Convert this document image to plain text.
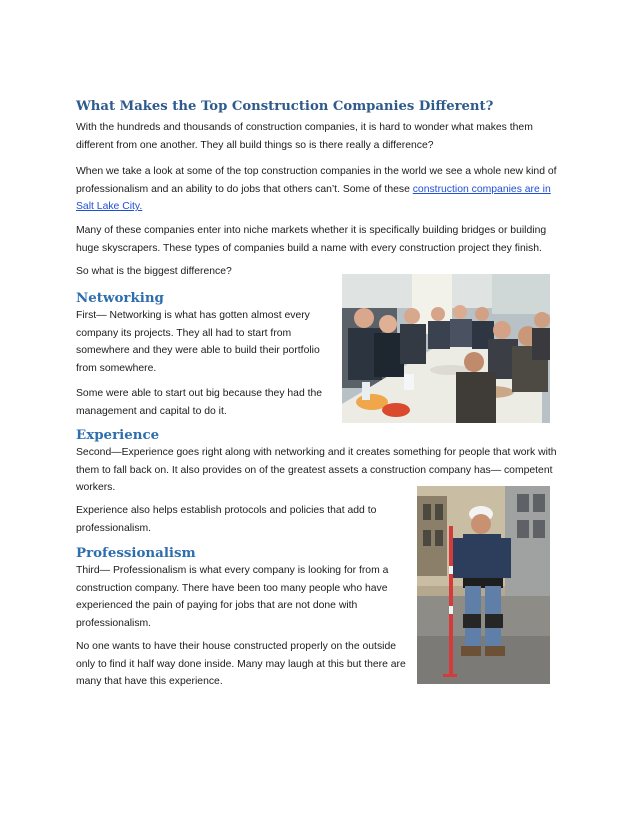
What Makes the Top Construction Companies Different?

With the hundreds and thousands of construction companies, it is hard to wonder what makes them different from one another. They all build things so is there really a difference?

When we take a look at some of the top construction companies in the world we see a whole new kind of professionalism and an ability to do jobs that others can’t. Some of these construction companies are in Salt Lake City.

Many of these companies enter into niche markets whether it is specifically building bridges or building huge skyscrapers. These types of companies build a name with every construction project they finish.

So what is the biggest difference?

Networking

First— Networking is what has gotten almost every company its projects. They all had to start from somewhere and they were able to build their portfolio from somewhere.

Some were able to start out big because they had the management and capital to do it.

Experience

Second—Experience goes right along with networking and it creates something for people that work with them to fall back on. It also provides on of the greatest assets a construction company has— competent workers.

Experience also helps establish protocols and policies that add to professionalism.

Professionalism

Third— Professionalism is what every company is looking for from a construction company. There have been too many people who have experienced the pain of paying for jobs that are not done with professionalism.

No one wants to have their house constructed properly on the outside only to find it half way done inside. Many may laugh at this but there are many that have this experience.
